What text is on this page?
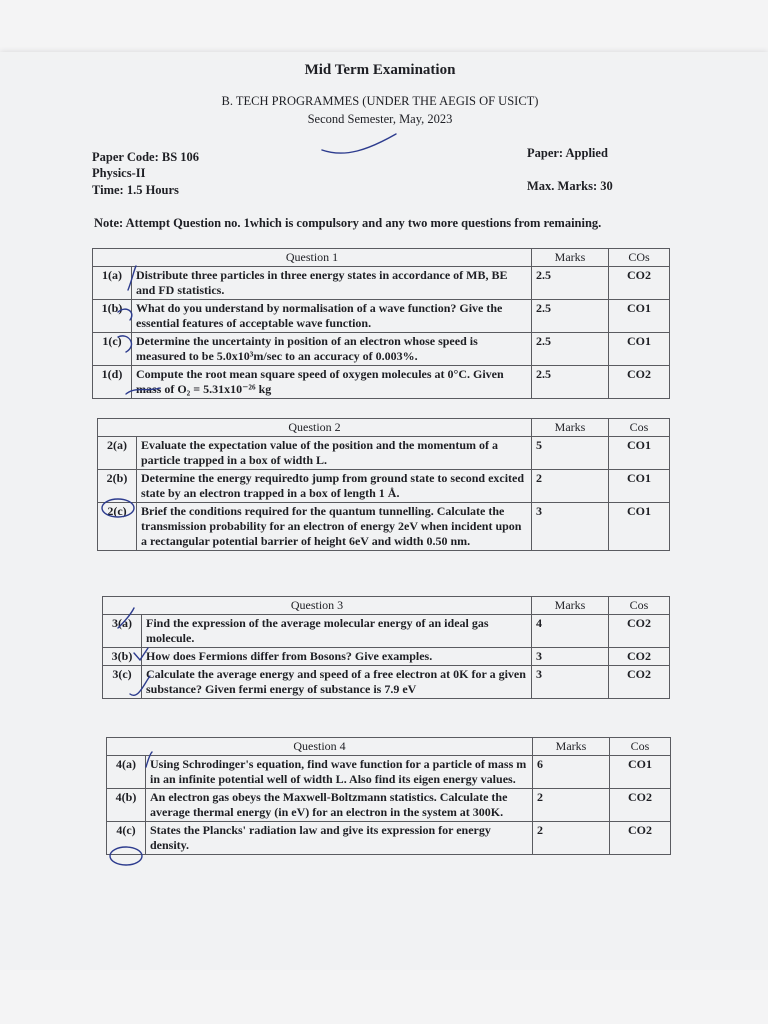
Mid Term Examination
B. TECH PROGRAMMES (UNDER THE AEGIS OF USICT)
Second Semester, May, 2023
Paper Code: BS 106
Physics-II
Time: 1.5 Hours
Paper: Applied
Max. Marks: 30
Note: Attempt Question no. 1which is compulsory and any two more questions from remaining.
Question 1		Marks	COs
1(a)	Distribute three particles in three energy states in accordance of MB, BE and FD statistics.	2.5	CO2
1(b)	What do you understand by normalisation of a wave function? Give the essential features of acceptable wave function.	2.5	CO1
1(c)	Determine the uncertainty in position of an electron whose speed is measured to be 5.0x10³m/sec to an accuracy of 0.003%.	2.5	CO1
1(d)	Compute the root mean square speed of oxygen molecules at 0°C. Given mass of O₂ = 5.31x10⁻²⁶ kg	2.5	CO2
Question 2		Marks	Cos
2(a)	Evaluate the expectation value of the position and the momentum of a particle trapped in a box of width L.	5	CO1
2(b)	Determine the energy requiredto jump from ground state to second excited state by an electron trapped in a box of length 1 Å.	2	CO1
2(c)	Brief the conditions required for the quantum tunnelling. Calculate the transmission probability for an electron of energy 2eV when incident upon a rectangular potential barrier of height 6eV and width 0.50 nm.	3	CO1
Question 3		Marks	Cos
3(a)	Find the expression of the average molecular energy of an ideal gas molecule.	4	CO2
3(b)	How does Fermions differ from Bosons? Give examples.	3	CO2
3(c)	Calculate the average energy and speed of a free electron at 0K for a given substance? Given fermi energy of substance is 7.9 eV	3	CO2
Question 4		Marks	Cos
4(a)	Using Schrodinger's equation, find wave function for a particle of mass m in an infinite potential well of width L. Also find its eigen energy values.	6	CO1
4(b)	An electron gas obeys the Maxwell-Boltzmann statistics. Calculate the average thermal energy (in eV) for an electron in the system at 300K.	2	CO2
4(c)	States the Plancks' radiation law and give its expression for energy density.	2	CO2
